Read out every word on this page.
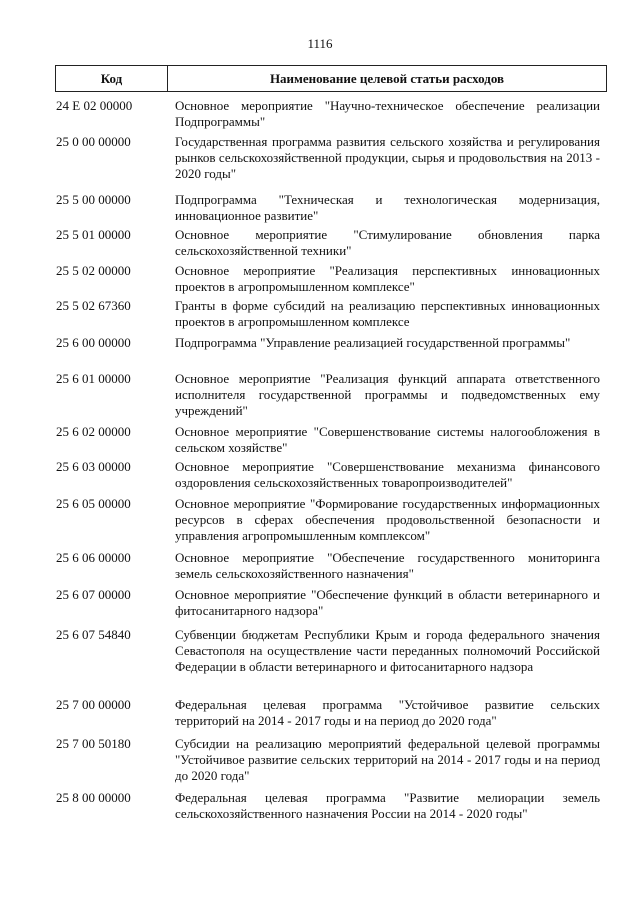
1116
Код	Наименование целевой статьи расходов
24 Е 02 00000	Основное мероприятие "Научно-техническое обеспечение реализации Подпрограммы"
25 0 00 00000	Государственная программа развития сельского хозяйства и регулирования рынков сельскохозяйственной продукции, сырья и продовольствия на 2013 - 2020 годы"
25 5 00 00000	Подпрограмма "Техническая и технологическая модернизация, инновационное развитие"
25 5 01 00000	Основное мероприятие "Стимулирование обновления парка сельскохозяйственной техники"
25 5 02 00000	Основное мероприятие "Реализация перспективных инновационных проектов в агропромышленном комплексе"
25 5 02 67360	Гранты в форме субсидий на реализацию перспективных инновационных проектов в агропромышленном комплексе
25 6 00 00000	Подпрограмма "Управление реализацией государственной программы"
25 6 01 00000	Основное мероприятие "Реализация функций аппарата ответственного исполнителя государственной программы и подведомственных ему учреждений"
25 6 02 00000	Основное мероприятие "Совершенствование системы налогообложения в сельском хозяйстве"
25 6 03 00000	Основное мероприятие "Совершенствование механизма финансового оздоровления сельскохозяйственных товаропроизводителей"
25 6 05 00000	Основное мероприятие "Формирование государственных информационных ресурсов в сферах обеспечения продовольственной безопасности и управления агропромышленным комплексом"
25 6 06 00000	Основное мероприятие "Обеспечение государственного мониторинга земель сельскохозяйственного назначения"
25 6 07 00000	Основное мероприятие "Обеспечение функций в области ветеринарного и фитосанитарного надзора"
25 6 07 54840	Субвенции бюджетам Республики Крым и города федерального значения Севастополя на осуществление части переданных полномочий Российской Федерации в области ветеринарного и фитосанитарного надзора
25 7 00 00000	Федеральная целевая программа "Устойчивое развитие сельских территорий на 2014 - 2017 годы и на период до 2020 года"
25 7 00 50180	Субсидии на реализацию мероприятий федеральной целевой программы "Устойчивое развитие сельских территорий на 2014 - 2017 годы и на период до 2020 года"
25 8 00 00000	Федеральная целевая программа "Развитие мелиорации земель сельскохозяйственного назначения России на 2014 - 2020 годы"
